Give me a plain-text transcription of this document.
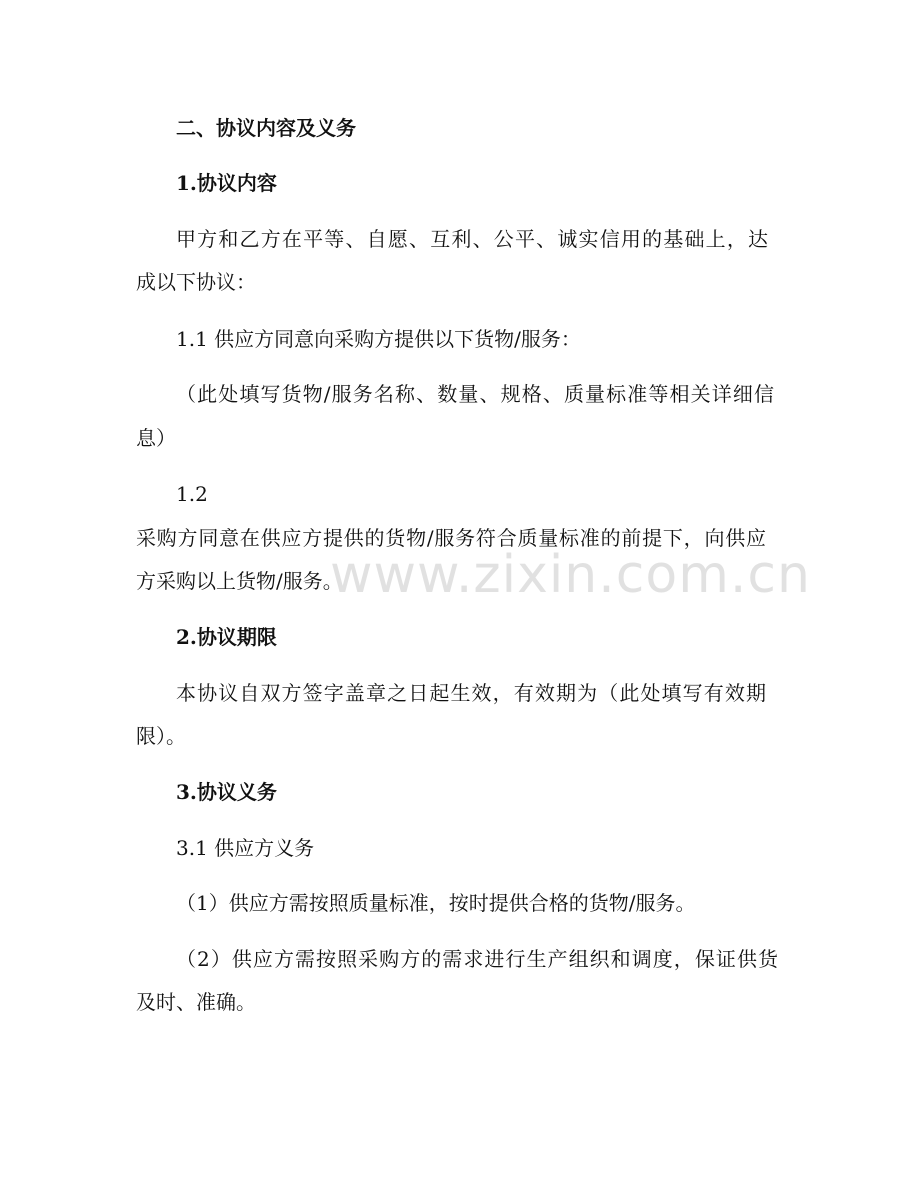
二、协议内容及义务

1.协议内容

甲方和乙方在平等、自愿、互利、公平、诚实信用的基础上，达

成以下协议：

1.1 供应方同意向采购方提供以下货物/服务：

（此处填写货物/服务名称、数量、规格、质量标准等相关详细信

息）

1.2

采购方同意在供应方提供的货物/服务符合质量标准的前提下，向供应

方采购以上货物/服务。

2.协议期限

本协议自双方签字盖章之日起生效，有效期为（此处填写有效期

限）。

3.协议义务

3.1 供应方义务

（1）供应方需按照质量标准，按时提供合格的货物/服务。

（2）供应方需按照采购方的需求进行生产组织和调度，保证供货

及时、准确。

www.zixin.com.cn
